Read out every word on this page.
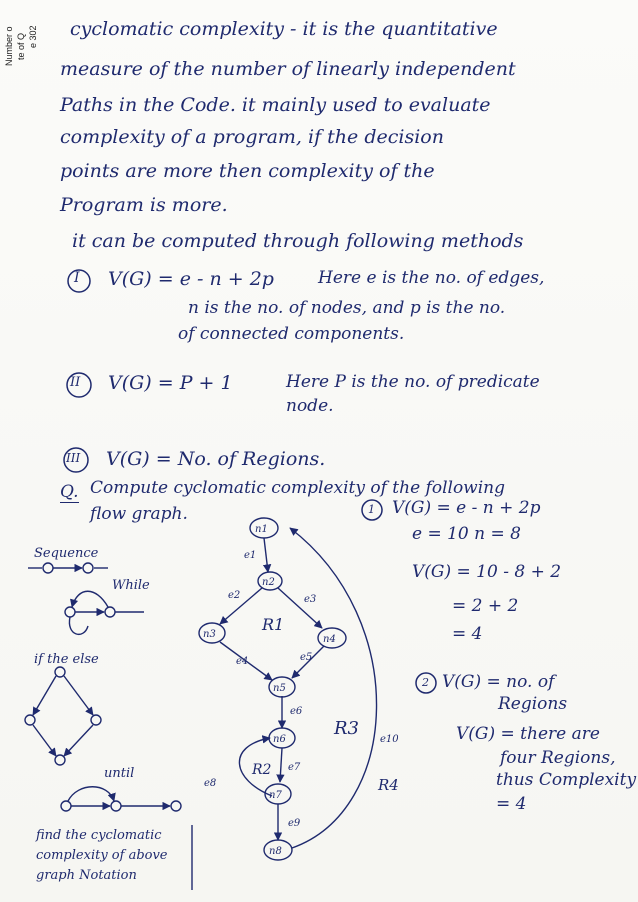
Number o te of Q e 302 cyclomatic complexity - it is the quantitative
measure of the number of linearly independent
Paths in the Code. it mainly used to evaluate
complexity of a program, if the decision
points are more then complexity of the
Program is more.
it can be computed through following methods
I V(G) = e - n + 2p	Here e is the no. of edges,
n is the no. of nodes, and p is the no.
of connected components.
II V(G) = P + 1	Here P is the no. of predicate
node.
III V(G) = No. of Regions.
Q. Compute cyclomatic complexity of the following
flow graph.
Sequence
While
if the else
until
find the cyclomatic
complexity of above
graph Notation
n1
n2
n3	n4
n5
n6
n7
n8
e1
e2	e3
e4	e5
e6
e7
e8
e9
e10
R1
R2
R3
R4
1 V(G) = e - n + 2p
e = 10 n = 8
V(G) = 10 - 8 + 2
= 2 + 2
= 4
2 V(G) = no. of
Regions
V(G) = there are
four Regions,
thus Complexity
= 4
